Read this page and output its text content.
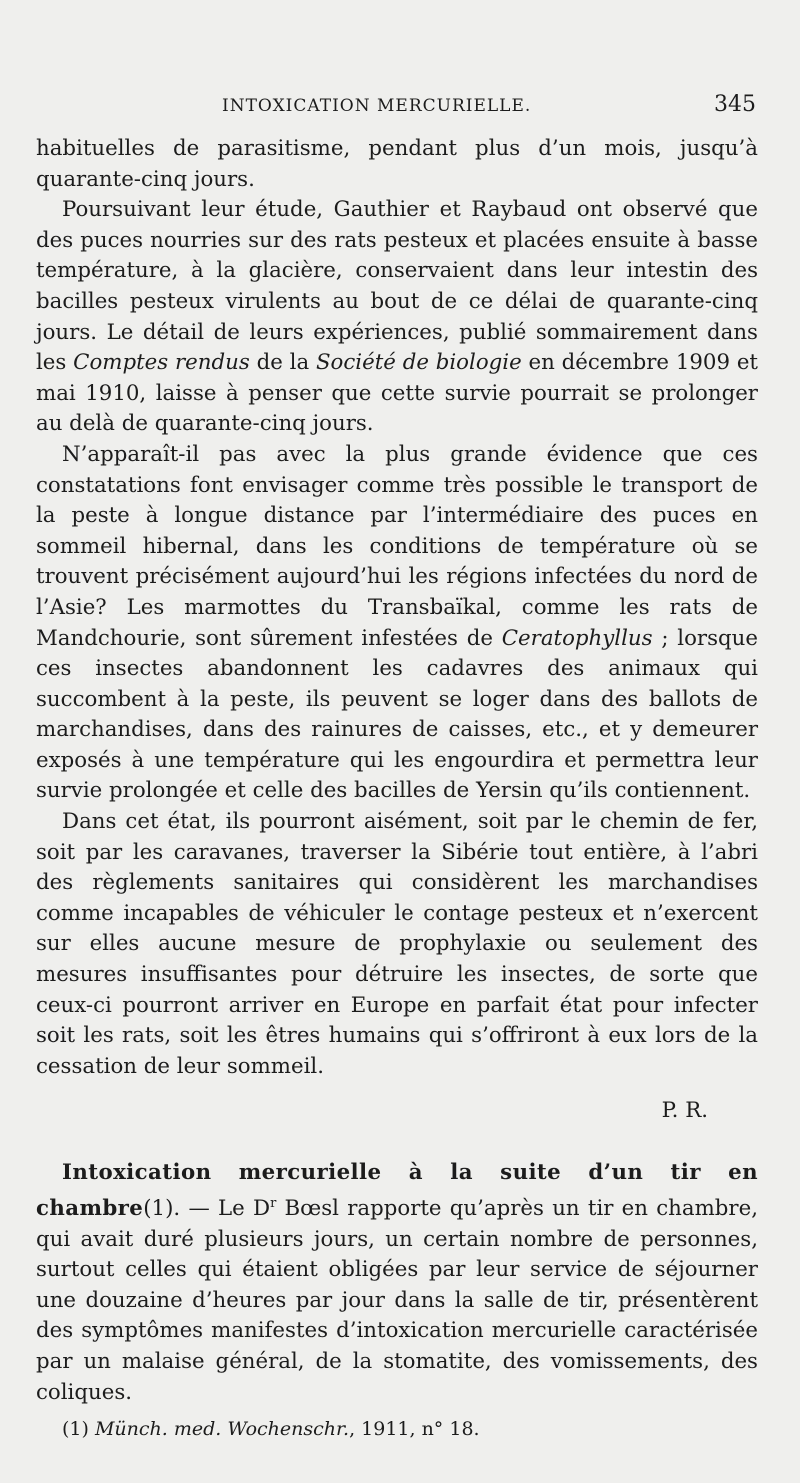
INTOXICATION MERCURIELLE.	345

habituelles de parasitisme, pendant plus d’un mois, jusqu’à quarante-cinq jours.

Poursuivant leur étude, Gauthier et Raybaud ont observé que des puces nourries sur des rats pesteux et placées ensuite à basse température, à la glacière, conservaient dans leur intestin des bacilles pesteux virulents au bout de ce délai de quarante-cinq jours. Le détail de leurs expériences, publié sommairement dans les Comptes rendus de la Société de biologie en décembre 1909 et mai 1910, laisse à penser que cette survie pourrait se prolonger au delà de quarante-cinq jours.

N’apparaît-il pas avec la plus grande évidence que ces constatations font envisager comme très possible le transport de la peste à longue distance par l’intermédiaire des puces en sommeil hibernal, dans les conditions de température où se trouvent précisément aujourd’hui les régions infectées du nord de l’Asie? Les marmottes du Transbaïkal, comme les rats de Mandchourie, sont sûrement infestées de Ceratophyllus ; lorsque ces insectes abandonnent les cadavres des animaux qui succombent à la peste, ils peuvent se loger dans des ballots de marchandises, dans des rainures de caisses, etc., et y demeurer exposés à une température qui les engourdira et permettra leur survie prolongée et celle des bacilles de Yersin qu’ils contiennent.

Dans cet état, ils pourront aisément, soit par le chemin de fer, soit par les caravanes, traverser la Sibérie tout entière, à l’abri des règlements sanitaires qui considèrent les marchandises comme incapables de véhiculer le contage pesteux et n’exercent sur elles aucune mesure de prophylaxie ou seulement des mesures insuffisantes pour détruire les insectes, de sorte que ceux-ci pourront arriver en Europe en parfait état pour infecter soit les rats, soit les êtres humains qui s’offriront à eux lors de la cessation de leur sommeil.

P. R.

Intoxication mercurielle à la suite d’un tir en chambre(1). — Le $D^r$ Bœsl rapporte qu’après un tir en chambre, qui avait duré plusieurs jours, un certain nombre de personnes, surtout celles qui étaient obligées par leur service de séjourner une douzaine d’heures par jour dans la salle de tir, présentèrent des symptômes manifestes d’intoxication mercurielle caractérisée par un malaise général, de la stomatite, des vomissements, des coliques.

(1) Münch. med. Wochenschr., 1911, n° 18.
